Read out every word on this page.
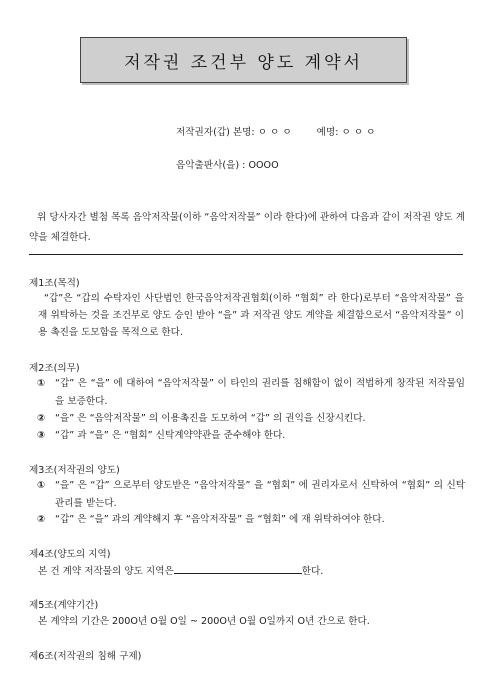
저작권 조건부 양도 계약서
저작권자(갑) 본명: ㅇ ㅇ ㅇ	예명: ㅇ ㅇ ㅇ
음악출판사(을) : OOOO
위 당사자간 별첨 목록 음악저작물(이하 “음악저작물” 이라 한다)에 관하여 다음과 같이 저작권 양도 계약을 체결한다.
제1조(목적)
“갑”은 “갑의 수탁자인 사단법인 한국음악저작권협회(이하 “협회” 라 한다)로부터 “음악저작물” 을 재 위탁하는 것을 조건부로 양도 승인 받아 “을” 과 저작권 양도 계약을 체결함으로서 “음악저작물” 이용 촉진을 도모함을 목적으로 한다.
제2조(의무)
①	“갑” 은 “을” 에 대하여 “음악저작물” 이 타인의 권리를 침해함이 없이 적법하게 창작된 저작물임을 보증한다.
②	“을” 은 “음악저작물” 의 이용촉진을 도모하여 “갑” 의 권익을 신장시킨다.
③	“갑” 과 “을” 은 “협회” 신탁계약약관을 준수해야 한다.
제3조(저작권의 양도)
①	“을” 은 “갑” 으로부터 양도받은 “음악저작물” 을 “협회” 에 권리자로서 신탁하여 “협회” 의 신탁관리를 받는다.
②	“갑” 은 “을” 과의 계약해지 후 “음악저작물” 을 “협회” 에 재 위탁하여야 한다.
제4조(양도의 지역)
본 건 계약 저작물의 양도 지역은	한다.
제5조(계약기간)
본 계약의 기간은 200O년 O월 O일 ~ 200O년 O월 O일까지 O년 간으로 한다.
제6조(저작권의 침해 구제)
